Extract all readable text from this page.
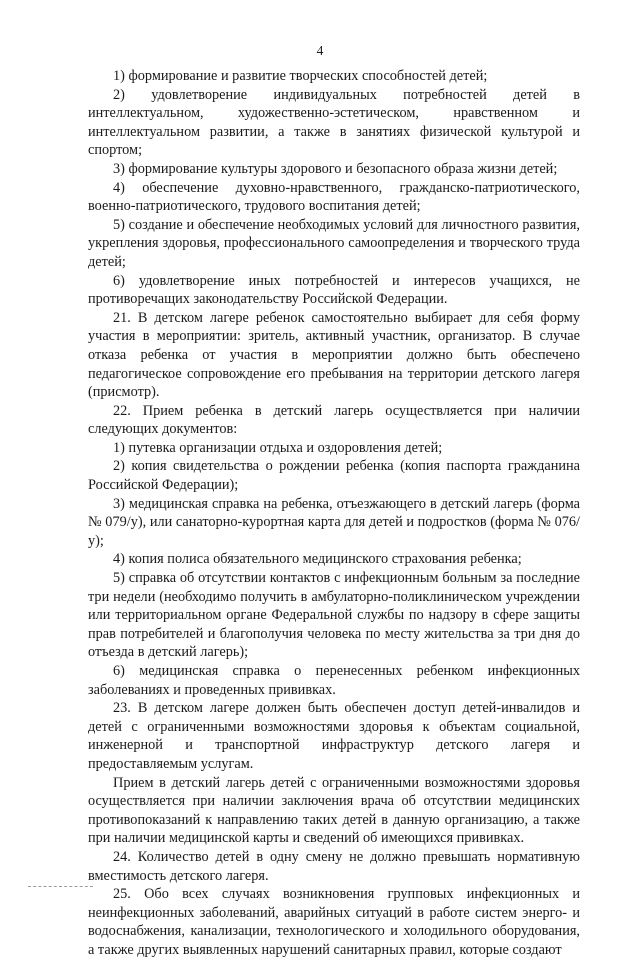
4

1) формирование и развитие творческих способностей детей;

2) удовлетворение индивидуальных потребностей детей в интеллектуальном, художественно-эстетическом, нравственном и интеллектуальном развитии, а также в занятиях физической культурой и спортом;

3) формирование культуры здорового и безопасного образа жизни детей;

4) обеспечение духовно-нравственного, гражданско-патриотического, военно-патриотического, трудового воспитания детей;

5) создание и обеспечение необходимых условий для личностного развития, укрепления здоровья, профессионального самоопределения и творческого труда детей;

6) удовлетворение иных потребностей и интересов учащихся, не противоречащих законодательству Российской Федерации.

21. В детском лагере ребенок самостоятельно выбирает для себя форму участия в мероприятии: зритель, активный участник, организатор. В случае отказа ребенка от участия в мероприятии должно быть обеспечено педагогическое сопровождение его пребывания на территории детского лагеря (присмотр).

22. Прием ребенка в детский лагерь осуществляется при наличии следующих документов:

1) путевка организации отдыха и оздоровления детей;

2) копия свидетельства о рождении ребенка (копия паспорта гражданина Российской Федерации);

3) медицинская справка на ребенка, отъезжающего в детский лагерь (форма № 079/у), или санаторно-курортная карта для детей и подростков (форма № 076/у);

4) копия полиса обязательного медицинского страхования ребенка;

5) справка об отсутствии контактов с инфекционным больным за последние три недели (необходимо получить в амбулаторно-поликлиническом учреждении или территориальном органе Федеральной службы по надзору в сфере защиты прав потребителей и благополучия человека по месту жительства за три дня до отъезда в детский лагерь);

6) медицинская справка о перенесенных ребенком инфекционных заболеваниях и проведенных прививках.

23. В детском лагере должен быть обеспечен доступ детей-инвалидов и детей с ограниченными возможностями здоровья к объектам социальной, инженерной и транспортной инфраструктур детского лагеря и предоставляемым услугам.

Прием в детский лагерь детей с ограниченными возможностями здоровья осуществляется при наличии заключения врача об отсутствии медицинских противопоказаний к направлению таких детей в данную организацию, а также при наличии медицинской карты и сведений об имеющихся прививках.

24. Количество детей в одну смену не должно превышать нормативную вместимость детского лагеря.

25. Обо всех случаях возникновения групповых инфекционных и неинфекционных заболеваний, аварийных ситуаций в работе систем энерго- и водоснабжения, канализации, технологического и холодильного оборудования, а также других выявленных нарушений санитарных правил, которые создают
